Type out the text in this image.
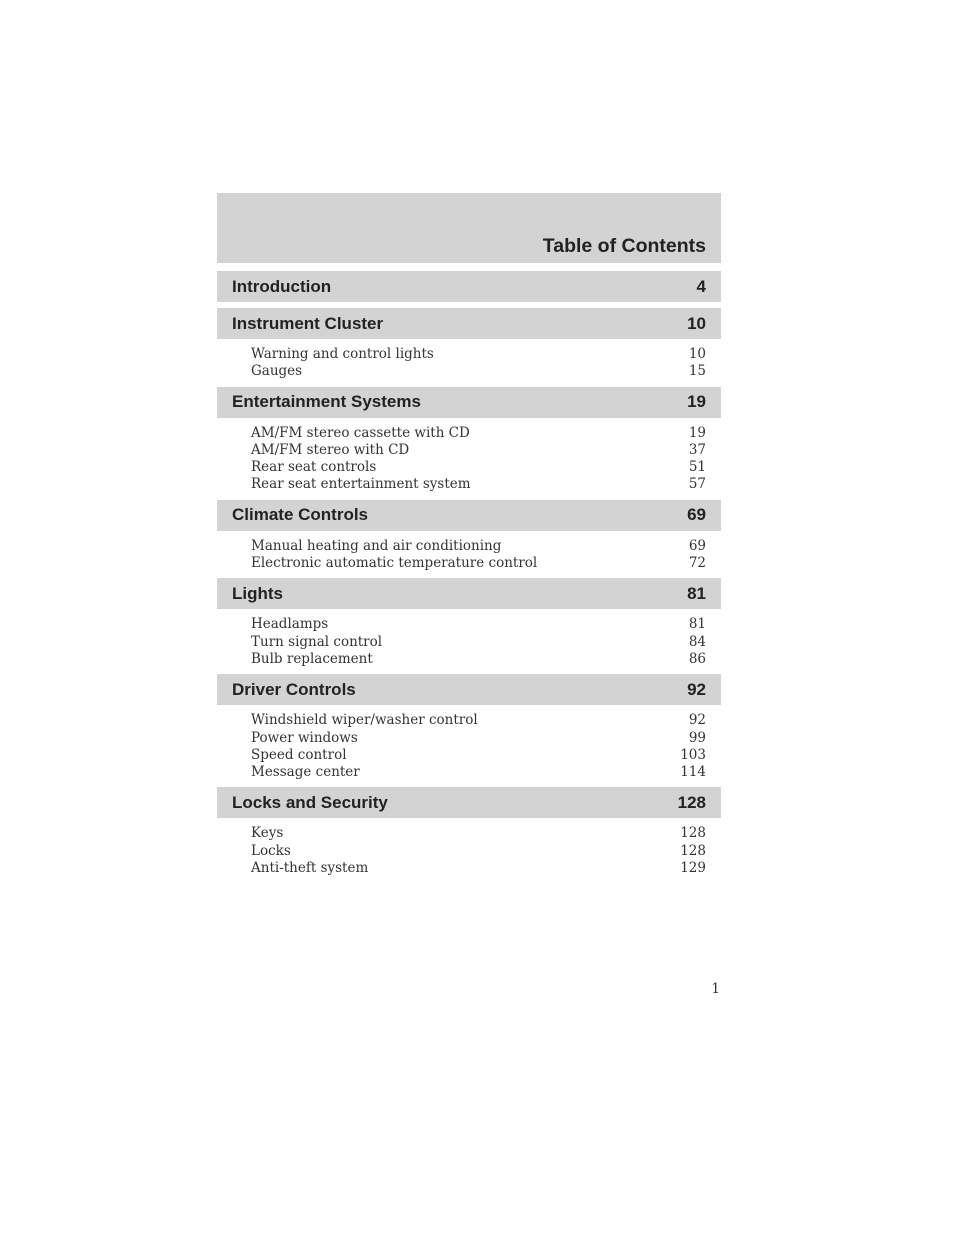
Table of Contents
Introduction	4
Instrument Cluster	10
Warning and control lights	10
Gauges	15
Entertainment Systems	19
AM/FM stereo cassette with CD	19
AM/FM stereo with CD	37
Rear seat controls	51
Rear seat entertainment system	57
Climate Controls	69
Manual heating and air conditioning	69
Electronic automatic temperature control	72
Lights	81
Headlamps	81
Turn signal control	84
Bulb replacement	86
Driver Controls	92
Windshield wiper/washer control	92
Power windows	99
Speed control	103
Message center	114
Locks and Security	128
Keys	128
Locks	128
Anti-theft system	129
1
